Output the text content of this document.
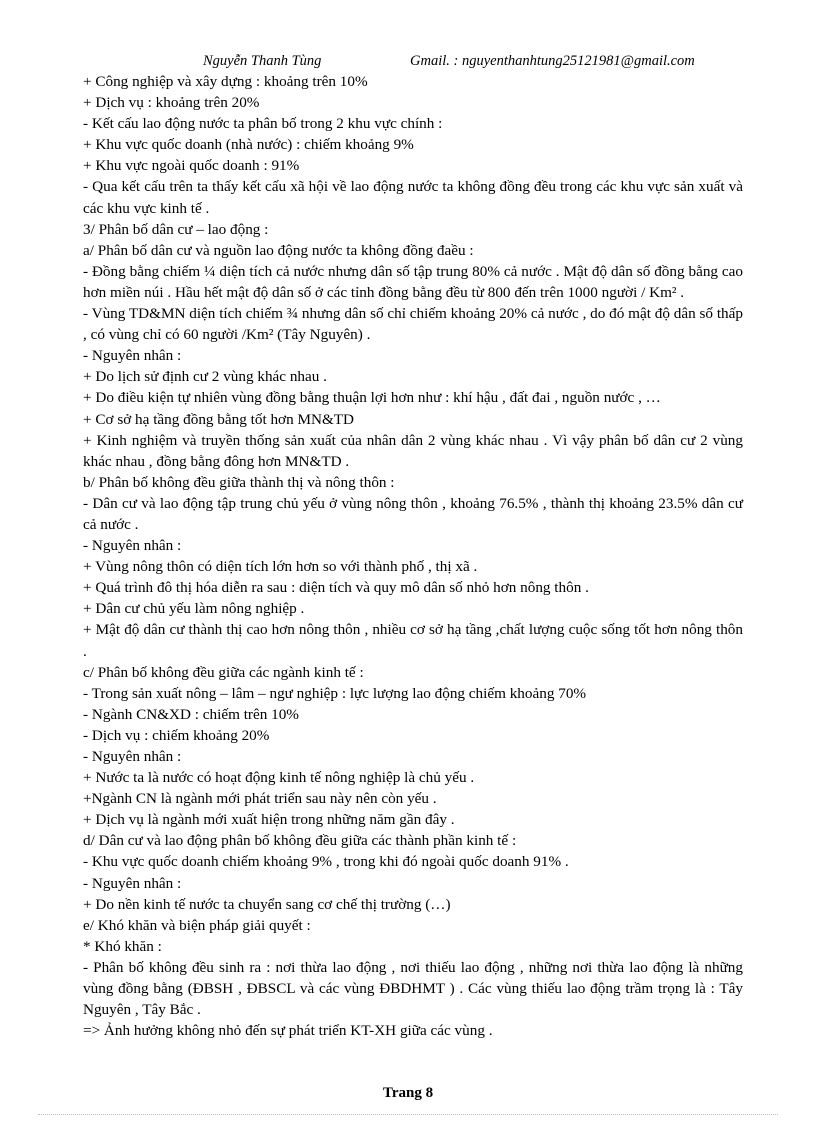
Nguyễn Thanh Tùng	Gmail. : nguyenthanhtung25121981@gmail.com

+ Công nghiệp và xây dựng : khoảng trên 10%

+ Dịch vụ : khoảng trên 20%

- Kết cấu lao động nước ta phân bố trong 2 khu vực chính :

+ Khu vực quốc doanh (nhà nước) : chiếm khoảng 9%

+ Khu vực ngoài quốc doanh : 91%

- Qua kết cấu trên ta thấy kết cấu xã hội về lao động nước ta không đồng đều trong các khu vực sản xuất và các khu vực kinh tế .

3/ Phân bố dân cư – lao động :

a/ Phân bố dân cư và nguồn lao động nước ta không đồng đaều :

- Đồng bằng chiếm ¼ diện tích cả nước nhưng dân số tập trung 80% cả nước . Mật độ dân số đồng bằng cao hơn miền núi . Hầu hết mật độ dân số ở các tỉnh đồng bằng đều từ 800 đến trên 1000 người / Km² .

- Vùng TD&MN diện tích chiếm ¾ nhưng dân số chỉ chiếm khoảng 20% cả nước , do đó mật độ dân số thấp , có vùng chỉ có 60 người /Km² (Tây Nguyên) .

- Nguyên nhân :

+ Do lịch sử định cư 2 vùng khác nhau .

+ Do điều kiện tự nhiên vùng đồng bằng thuận lợi hơn như : khí hậu , đất đai , nguồn nước , …

+ Cơ sở hạ tầng đồng bằng tốt hơn MN&TD

+ Kinh nghiệm và truyền thống sản xuất của nhân dân 2 vùng khác nhau . Vì vậy phân bố dân cư 2 vùng khác nhau , đồng bằng đông hơn MN&TD .

b/ Phân bố không đều giữa thành thị và nông thôn :

- Dân cư và lao động tập trung chủ yếu ở vùng nông thôn , khoảng 76.5% , thành thị khoảng 23.5% dân cư cả nước .

- Nguyên nhân :

+ Vùng nông thôn có diện tích lớn hơn so với thành phố , thị xã .

+ Quá trình đô thị hóa diễn ra sau : diện tích và quy mô dân số nhỏ hơn nông thôn .

+ Dân cư chủ yếu làm nông nghiệp .

+ Mật độ dân cư thành thị cao hơn nông thôn , nhiều cơ sở hạ tầng ,chất lượng cuộc sống tốt hơn nông thôn .

c/ Phân bố không đều giữa các ngành kinh tế :

- Trong sản xuất nông – lâm – ngư nghiệp : lực lượng lao động chiếm khoảng 70%

- Ngành CN&XD : chiếm trên 10%

- Dịch vụ : chiếm khoảng 20%

- Nguyên nhân :

+ Nước ta là nước có hoạt động kinh tế nông nghiệp là chủ yếu .

+Ngành CN là ngành mới phát triển sau này nên còn yếu .

+ Dịch vụ là ngành mới xuất hiện trong những năm gần đây .

d/ Dân cư và lao động phân bố không đều giữa các thành phần kinh tế :

- Khu vực quốc doanh chiếm khoảng 9% , trong khi đó ngoài quốc doanh 91% .

- Nguyên nhân :

+ Do nền kinh tế nước ta chuyển sang cơ chế thị trường (…)

e/ Khó khăn và biện pháp giải quyết :

* Khó khăn :

- Phân bố không đều sinh ra : nơi thừa lao động , nơi thiếu lao động , những nơi thừa lao động là những vùng đồng bằng (ĐBSH , ĐBSCL và các vùng ĐBDHMT ) . Các vùng thiếu lao động trầm trọng là : Tây Nguyên , Tây Bắc .

=> Ảnh hưởng không nhỏ đến sự phát triển KT-XH giữa các vùng .

Trang 8
